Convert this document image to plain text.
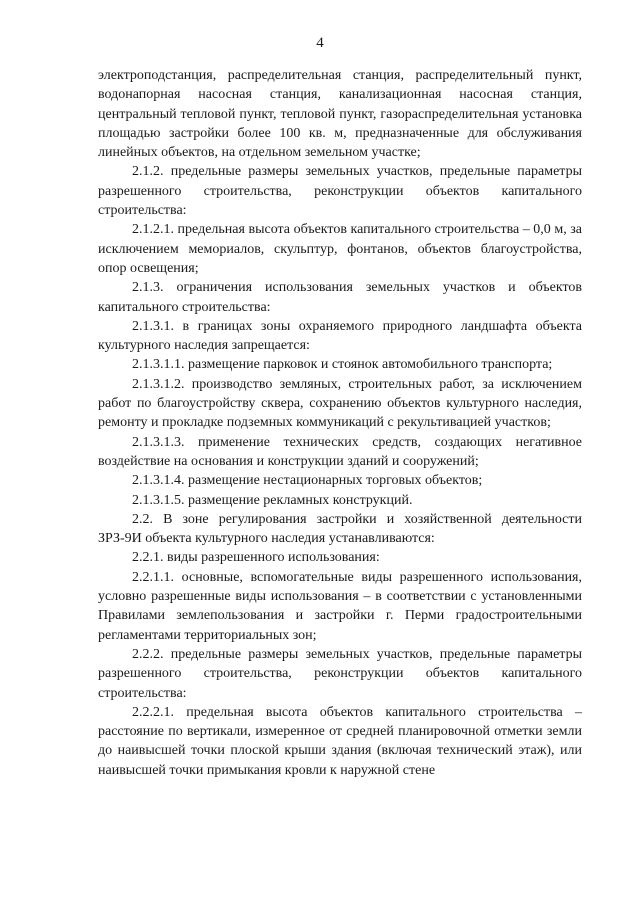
4

электроподстанция, распределительная станция, распределительный пункт, водонапорная насосная станция, канализационная насосная станция, центральный тепловой пункт, тепловой пункт, газораспределительная установка площадью застройки более 100 кв. м, предназначенные для обслуживания линейных объектов, на отдельном земельном участке;

2.1.2. предельные размеры земельных участков, предельные параметры разрешенного строительства, реконструкции объектов капитального строительства:

2.1.2.1. предельная высота объектов капитального строительства – 0,0 м, за исключением мемориалов, скульптур, фонтанов, объектов благоустройства, опор освещения;

2.1.3. ограничения использования земельных участков и объектов капитального строительства:

2.1.3.1. в границах зоны охраняемого природного ландшафта объекта культурного наследия запрещается:

2.1.3.1.1. размещение парковок и стоянок автомобильного транспорта;

2.1.3.1.2. производство земляных, строительных работ, за исключением работ по благоустройству сквера, сохранению объектов культурного наследия, ремонту и прокладке подземных коммуникаций с рекультивацией участков;

2.1.3.1.3. применение технических средств, создающих негативное воздействие на основания и конструкции зданий и сооружений;

2.1.3.1.4. размещение нестационарных торговых объектов;

2.1.3.1.5. размещение рекламных конструкций.

2.2. В зоне регулирования застройки и хозяйственной деятельности ЗРЗ-9И объекта культурного наследия устанавливаются:

2.2.1. виды разрешенного использования:

2.2.1.1. основные, вспомогательные виды разрешенного использования, условно разрешенные виды использования – в соответствии с установленными Правилами землепользования и застройки г. Перми градостроительными регламентами территориальных зон;

2.2.2. предельные размеры земельных участков, предельные параметры разрешенного строительства, реконструкции объектов капитального строительства:

2.2.2.1. предельная высота объектов капитального строительства – расстояние по вертикали, измеренное от средней планировочной отметки земли до наивысшей точки плоской крыши здания (включая технический этаж), или наивысшей точки примыкания кровли к наружной стене
